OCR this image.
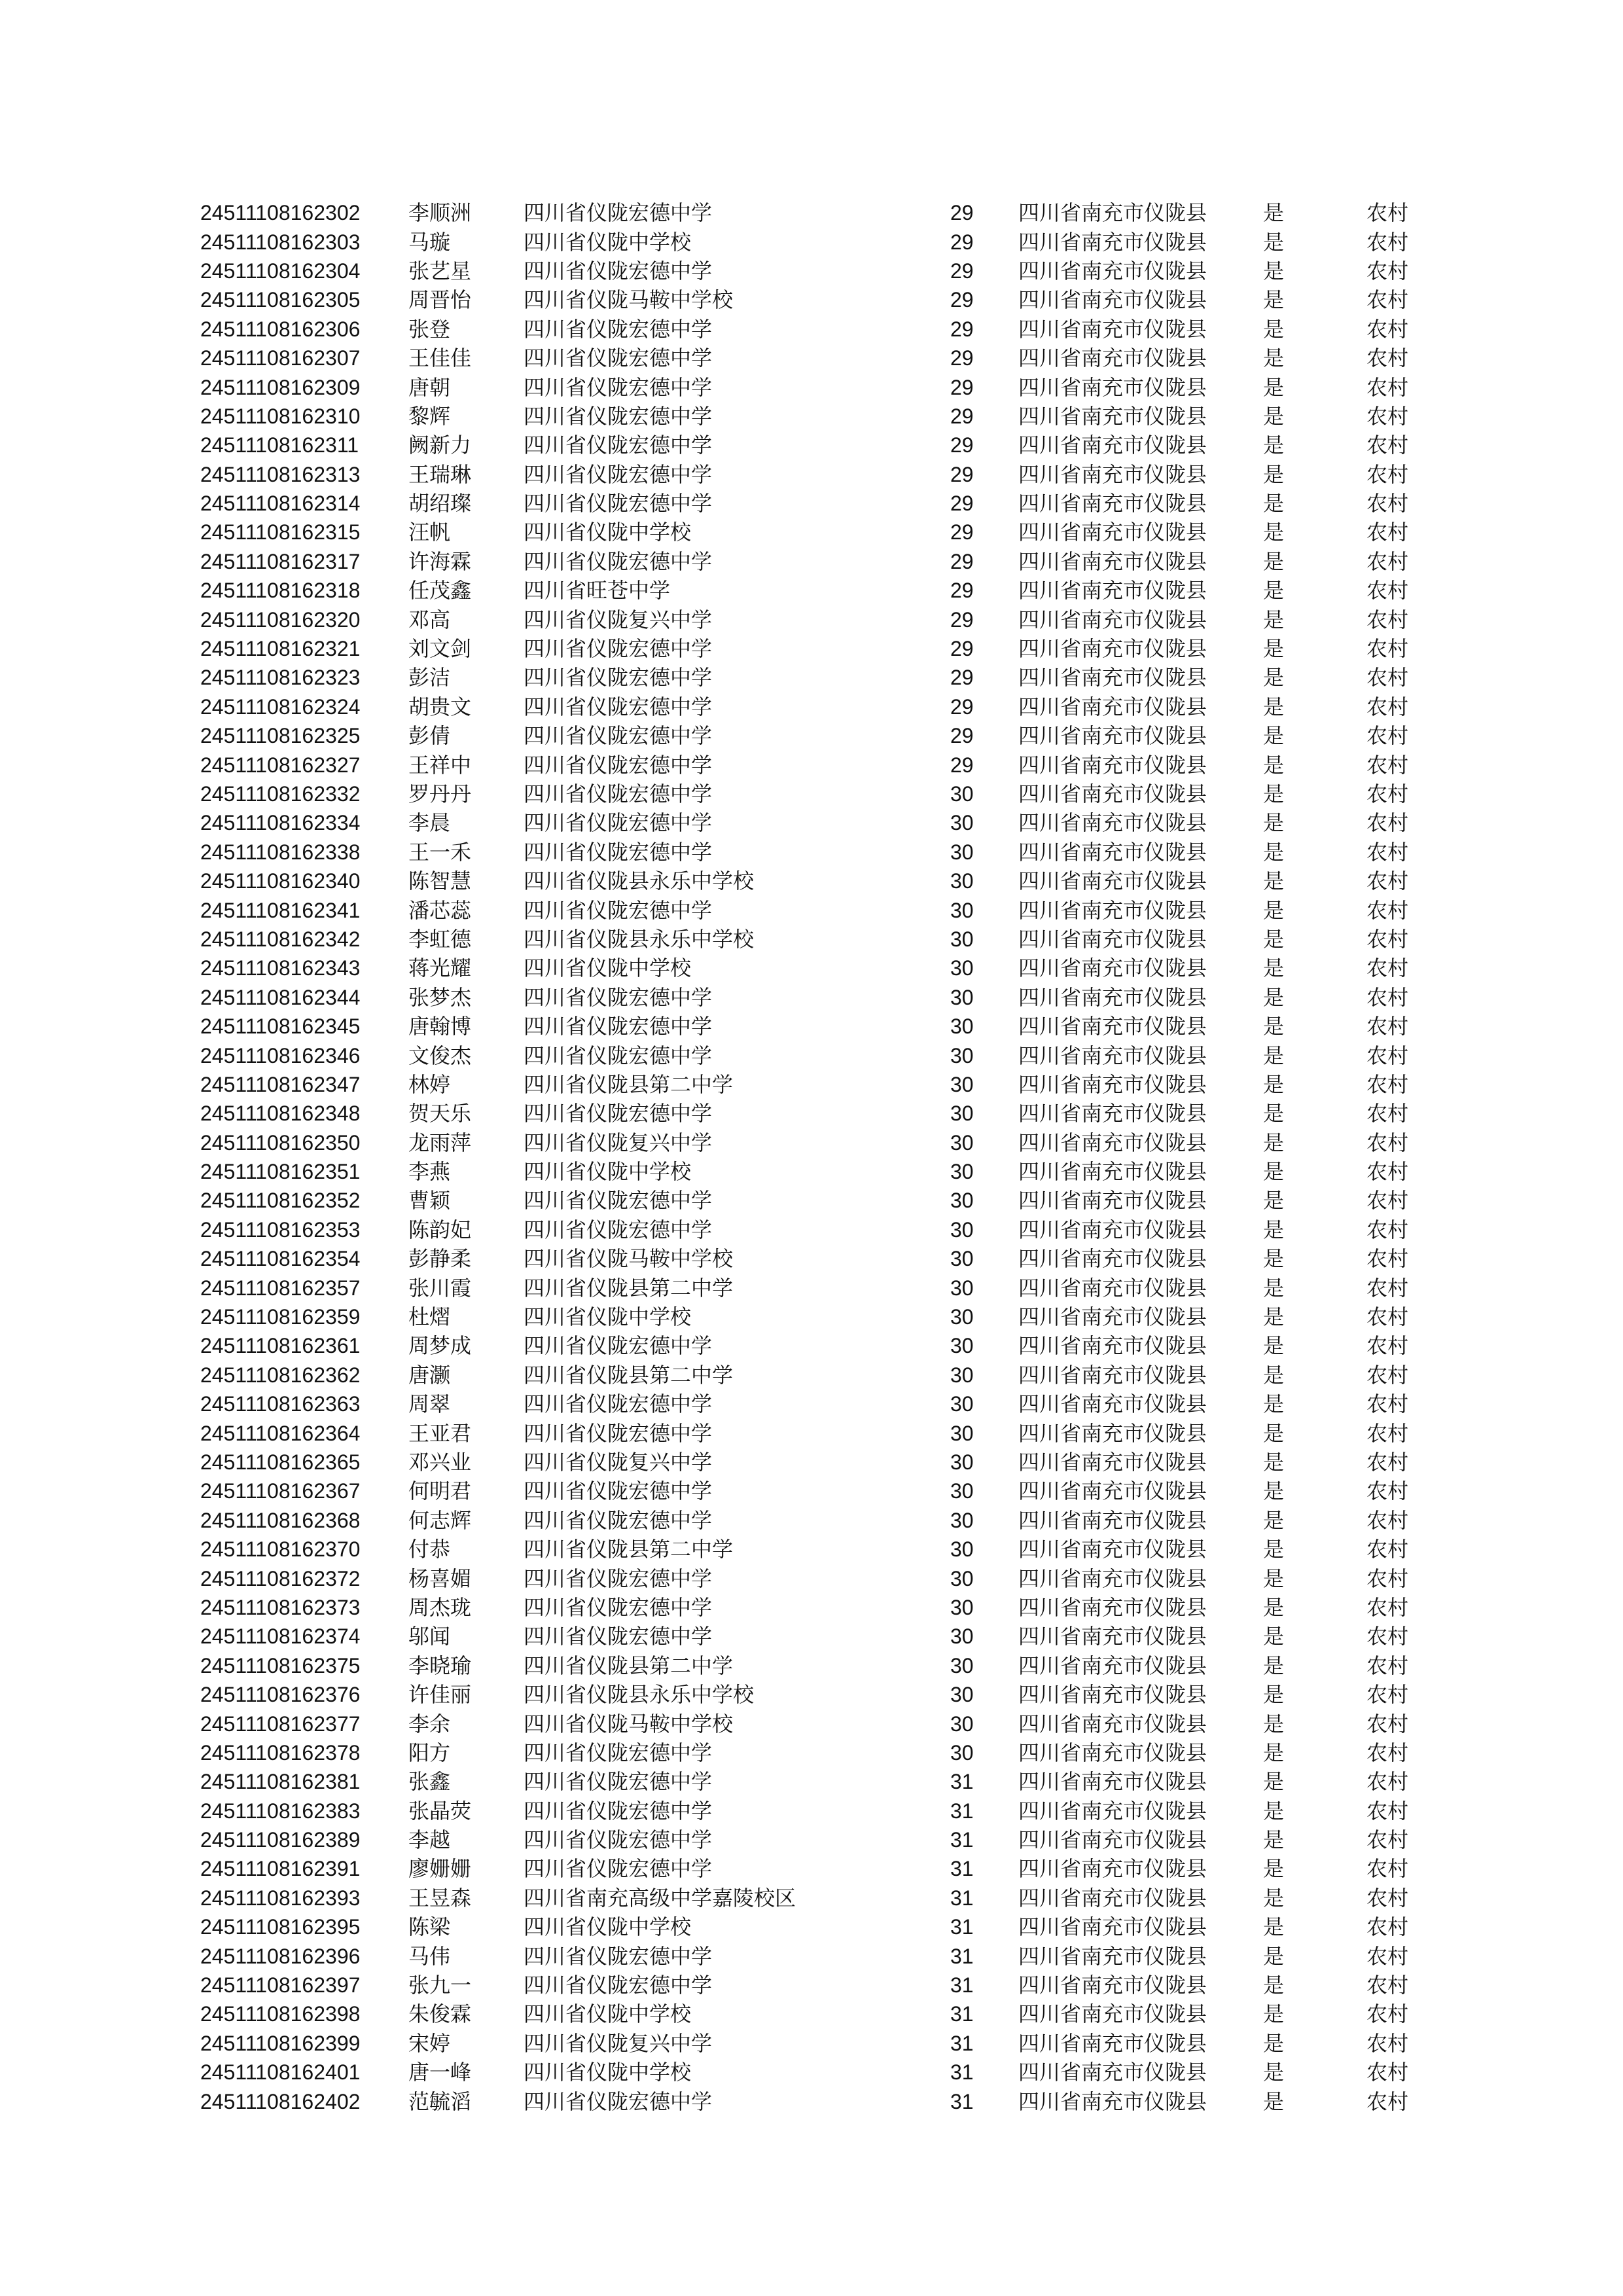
24511108162302	李顺洲	四川省仪陇宏德中学	29	四川省南充市仪陇县	是	农村
24511108162303	马璇	四川省仪陇中学校	29	四川省南充市仪陇县	是	农村
24511108162304	张艺星	四川省仪陇宏德中学	29	四川省南充市仪陇县	是	农村
24511108162305	周晋怡	四川省仪陇马鞍中学校	29	四川省南充市仪陇县	是	农村
24511108162306	张登	四川省仪陇宏德中学	29	四川省南充市仪陇县	是	农村
24511108162307	王佳佳	四川省仪陇宏德中学	29	四川省南充市仪陇县	是	农村
24511108162309	唐朝	四川省仪陇宏德中学	29	四川省南充市仪陇县	是	农村
24511108162310	黎辉	四川省仪陇宏德中学	29	四川省南充市仪陇县	是	农村
24511108162311	阙新力	四川省仪陇宏德中学	29	四川省南充市仪陇县	是	农村
24511108162313	王瑞琳	四川省仪陇宏德中学	29	四川省南充市仪陇县	是	农村
24511108162314	胡绍璨	四川省仪陇宏德中学	29	四川省南充市仪陇县	是	农村
24511108162315	汪帆	四川省仪陇中学校	29	四川省南充市仪陇县	是	农村
24511108162317	许海霖	四川省仪陇宏德中学	29	四川省南充市仪陇县	是	农村
24511108162318	任茂鑫	四川省旺苍中学	29	四川省南充市仪陇县	是	农村
24511108162320	邓高	四川省仪陇复兴中学	29	四川省南充市仪陇县	是	农村
24511108162321	刘文剑	四川省仪陇宏德中学	29	四川省南充市仪陇县	是	农村
24511108162323	彭洁	四川省仪陇宏德中学	29	四川省南充市仪陇县	是	农村
24511108162324	胡贵文	四川省仪陇宏德中学	29	四川省南充市仪陇县	是	农村
24511108162325	彭倩	四川省仪陇宏德中学	29	四川省南充市仪陇县	是	农村
24511108162327	王祥中	四川省仪陇宏德中学	29	四川省南充市仪陇县	是	农村
24511108162332	罗丹丹	四川省仪陇宏德中学	30	四川省南充市仪陇县	是	农村
24511108162334	李晨	四川省仪陇宏德中学	30	四川省南充市仪陇县	是	农村
24511108162338	王一禾	四川省仪陇宏德中学	30	四川省南充市仪陇县	是	农村
24511108162340	陈智慧	四川省仪陇县永乐中学校	30	四川省南充市仪陇县	是	农村
24511108162341	潘芯蕊	四川省仪陇宏德中学	30	四川省南充市仪陇县	是	农村
24511108162342	李虹德	四川省仪陇县永乐中学校	30	四川省南充市仪陇县	是	农村
24511108162343	蒋光耀	四川省仪陇中学校	30	四川省南充市仪陇县	是	农村
24511108162344	张梦杰	四川省仪陇宏德中学	30	四川省南充市仪陇县	是	农村
24511108162345	唐翰博	四川省仪陇宏德中学	30	四川省南充市仪陇县	是	农村
24511108162346	文俊杰	四川省仪陇宏德中学	30	四川省南充市仪陇县	是	农村
24511108162347	林婷	四川省仪陇县第二中学	30	四川省南充市仪陇县	是	农村
24511108162348	贺天乐	四川省仪陇宏德中学	30	四川省南充市仪陇县	是	农村
24511108162350	龙雨萍	四川省仪陇复兴中学	30	四川省南充市仪陇县	是	农村
24511108162351	李燕	四川省仪陇中学校	30	四川省南充市仪陇县	是	农村
24511108162352	曹颖	四川省仪陇宏德中学	30	四川省南充市仪陇县	是	农村
24511108162353	陈韵妃	四川省仪陇宏德中学	30	四川省南充市仪陇县	是	农村
24511108162354	彭静柔	四川省仪陇马鞍中学校	30	四川省南充市仪陇县	是	农村
24511108162357	张川霞	四川省仪陇县第二中学	30	四川省南充市仪陇县	是	农村
24511108162359	杜熠	四川省仪陇中学校	30	四川省南充市仪陇县	是	农村
24511108162361	周梦成	四川省仪陇宏德中学	30	四川省南充市仪陇县	是	农村
24511108162362	唐灏	四川省仪陇县第二中学	30	四川省南充市仪陇县	是	农村
24511108162363	周翠	四川省仪陇宏德中学	30	四川省南充市仪陇县	是	农村
24511108162364	王亚君	四川省仪陇宏德中学	30	四川省南充市仪陇县	是	农村
24511108162365	邓兴业	四川省仪陇复兴中学	30	四川省南充市仪陇县	是	农村
24511108162367	何明君	四川省仪陇宏德中学	30	四川省南充市仪陇县	是	农村
24511108162368	何志辉	四川省仪陇宏德中学	30	四川省南充市仪陇县	是	农村
24511108162370	付恭	四川省仪陇县第二中学	30	四川省南充市仪陇县	是	农村
24511108162372	杨喜媚	四川省仪陇宏德中学	30	四川省南充市仪陇县	是	农村
24511108162373	周杰珑	四川省仪陇宏德中学	30	四川省南充市仪陇县	是	农村
24511108162374	邬闻	四川省仪陇宏德中学	30	四川省南充市仪陇县	是	农村
24511108162375	李晓瑜	四川省仪陇县第二中学	30	四川省南充市仪陇县	是	农村
24511108162376	许佳丽	四川省仪陇县永乐中学校	30	四川省南充市仪陇县	是	农村
24511108162377	李余	四川省仪陇马鞍中学校	30	四川省南充市仪陇县	是	农村
24511108162378	阳方	四川省仪陇宏德中学	30	四川省南充市仪陇县	是	农村
24511108162381	张鑫	四川省仪陇宏德中学	31	四川省南充市仪陇县	是	农村
24511108162383	张晶荧	四川省仪陇宏德中学	31	四川省南充市仪陇县	是	农村
24511108162389	李越	四川省仪陇宏德中学	31	四川省南充市仪陇县	是	农村
24511108162391	廖姗姗	四川省仪陇宏德中学	31	四川省南充市仪陇县	是	农村
24511108162393	王昱森	四川省南充高级中学嘉陵校区	31	四川省南充市仪陇县	是	农村
24511108162395	陈梁	四川省仪陇中学校	31	四川省南充市仪陇县	是	农村
24511108162396	马伟	四川省仪陇宏德中学	31	四川省南充市仪陇县	是	农村
24511108162397	张九一	四川省仪陇宏德中学	31	四川省南充市仪陇县	是	农村
24511108162398	朱俊霖	四川省仪陇中学校	31	四川省南充市仪陇县	是	农村
24511108162399	宋婷	四川省仪陇复兴中学	31	四川省南充市仪陇县	是	农村
24511108162401	唐一峰	四川省仪陇中学校	31	四川省南充市仪陇县	是	农村
24511108162402	范毓滔	四川省仪陇宏德中学	31	四川省南充市仪陇县	是	农村
